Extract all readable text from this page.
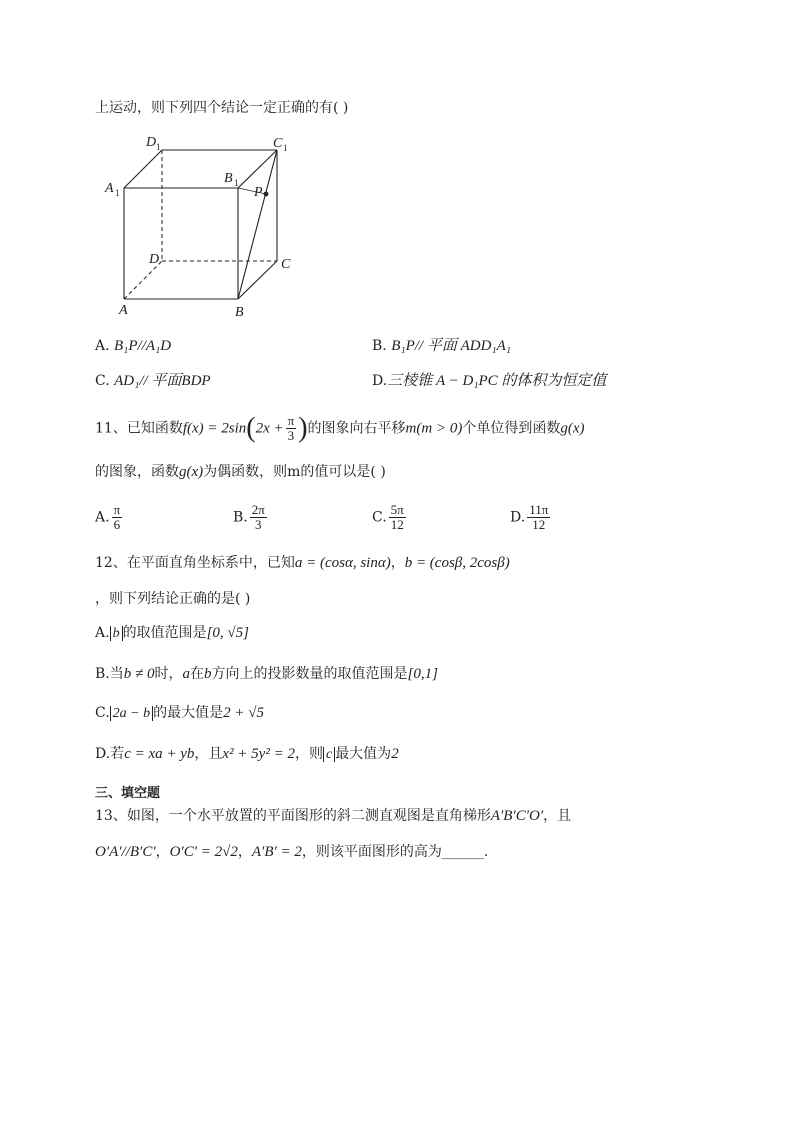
上运动，则下列四个结论一定正确的有( )
D 1	C 1
A 1
B 1
P
D	C
A	B
A. B₁P//A₁D	B. B₁P// 平面 ADD₁A₁
C. AD₁// 平面BDP	D.三棱锥 A − D₁PC 的体积为恒定值
11、已知函数$f(x) = 2\sin(2x + \frac{\pi}{3}$ )的图象向右平移m(m > 0)个单位得到函数g(x)
的图象，函数g(x)为偶函数，则m的值可以是( )
A. $\frac{\pi}{6}$	B. $\frac{2\pi}{3}$	C. $\frac{5\pi}{12}$	D. $\frac{11\pi}{12}$
12、在平面直角坐标系中，已知a = (cosα, sinα)，b = (cosβ, 2cosβ)
，则下列结论正确的是( )
A. b 的取值范围是[0, √5]
B.当b ≠ 0时，a在b方向上的投影数量的取值范围是[0,1]
C. 2a − b 的最大值是2 + √5
D.若c = xa + yb，且x² + 5y² = 2，则 c 最大值为2
三、填空题
13、如图，一个水平放置的平面图形的斜二测直观图是直角梯形A′B′C′O′，且
O′A′//B′C′，O′C′ = 2√2，A′B′ = 2，则该平面图形的高为______.
